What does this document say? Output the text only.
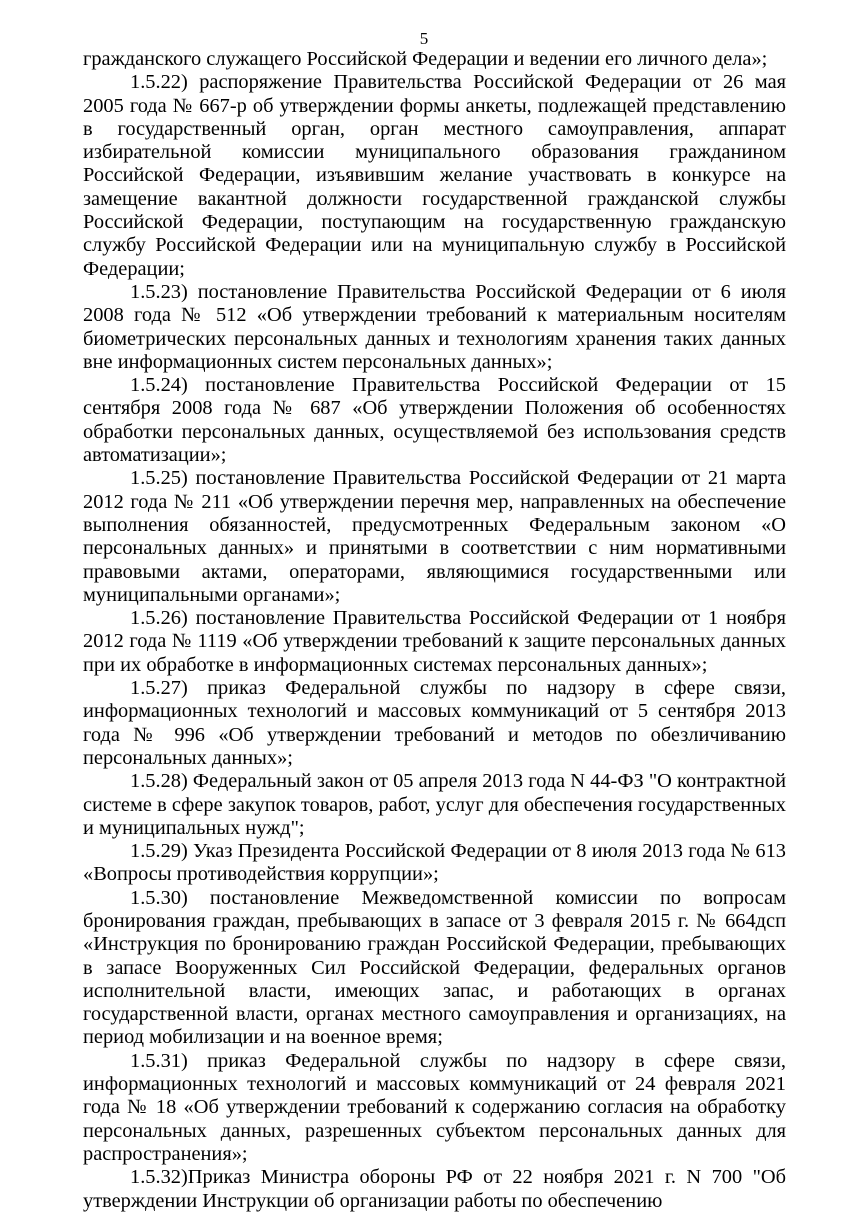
5

гражданского служащего Российской Федерации и ведении его личного дела»;

1.5.22) распоряжение Правительства Российской Федерации от 26 мая 2005 года № 667-р об утверждении формы анкеты, подлежащей представлению в государственный орган, орган местного самоуправления, аппарат избирательной комиссии муниципального образования гражданином Российской Федерации, изъявившим желание участвовать в конкурсе на замещение вакантной должности государственной гражданской службы Российской Федерации, поступающим на государственную гражданскую службу Российской Федерации или на муниципальную службу в Российской Федерации;

1.5.23) постановление Правительства Российской Федерации от 6 июля 2008 года № 512 «Об утверждении требований к материальным носителям биометрических персональных данных и технологиям хранения таких данных вне информационных систем персональных данных»;

1.5.24) постановление Правительства Российской Федерации от 15 сентября 2008 года № 687 «Об утверждении Положения об особенностях обработки персональных данных, осуществляемой без использования средств автоматизации»;

1.5.25) постановление Правительства Российской Федерации от 21 марта 2012 года № 211 «Об утверждении перечня мер, направленных на обеспечение выполнения обязанностей, предусмотренных Федеральным законом «О персональных данных» и принятыми в соответствии с ним нормативными правовыми актами, операторами, являющимися государственными или муниципальными органами»;

1.5.26) постановление Правительства Российской Федерации от 1 ноября 2012 года № 1119 «Об утверждении требований к защите персональных данных при их обработке в информационных системах персональных данных»;

1.5.27) приказ Федеральной службы по надзору в сфере связи, информационных технологий и массовых коммуникаций от 5 сентября 2013 года № 996 «Об утверждении требований и методов по обезличиванию персональных данных»;

1.5.28) Федеральный закон от 05 апреля 2013 года N 44-ФЗ "О контрактной системе в сфере закупок товаров, работ, услуг для обеспечения государственных и муниципальных нужд";

1.5.29) Указ Президента Российской Федерации от 8 июля 2013 года № 613 «Вопросы противодействия коррупции»;

1.5.30) постановление Межведомственной комиссии по вопросам бронирования граждан, пребывающих в запасе от 3 февраля 2015 г. № 664дсп «Инструкция по бронированию граждан Российской Федерации, пребывающих в запасе Вооруженных Сил Российской Федерации, федеральных органов исполнительной власти, имеющих запас, и работающих в органах государственной власти, органах местного самоуправления и организациях, на период мобилизации и на военное время;

1.5.31) приказ Федеральной службы по надзору в сфере связи, информационных технологий и массовых коммуникаций от 24 февраля 2021 года № 18 «Об утверждении требований к содержанию согласия на обработку персональных данных, разрешенных субъектом персональных данных для распространения»;

1.5.32)Приказ Министра обороны РФ от 22 ноября 2021 г. N 700 "Об утверждении Инструкции об организации работы по обеспечению
